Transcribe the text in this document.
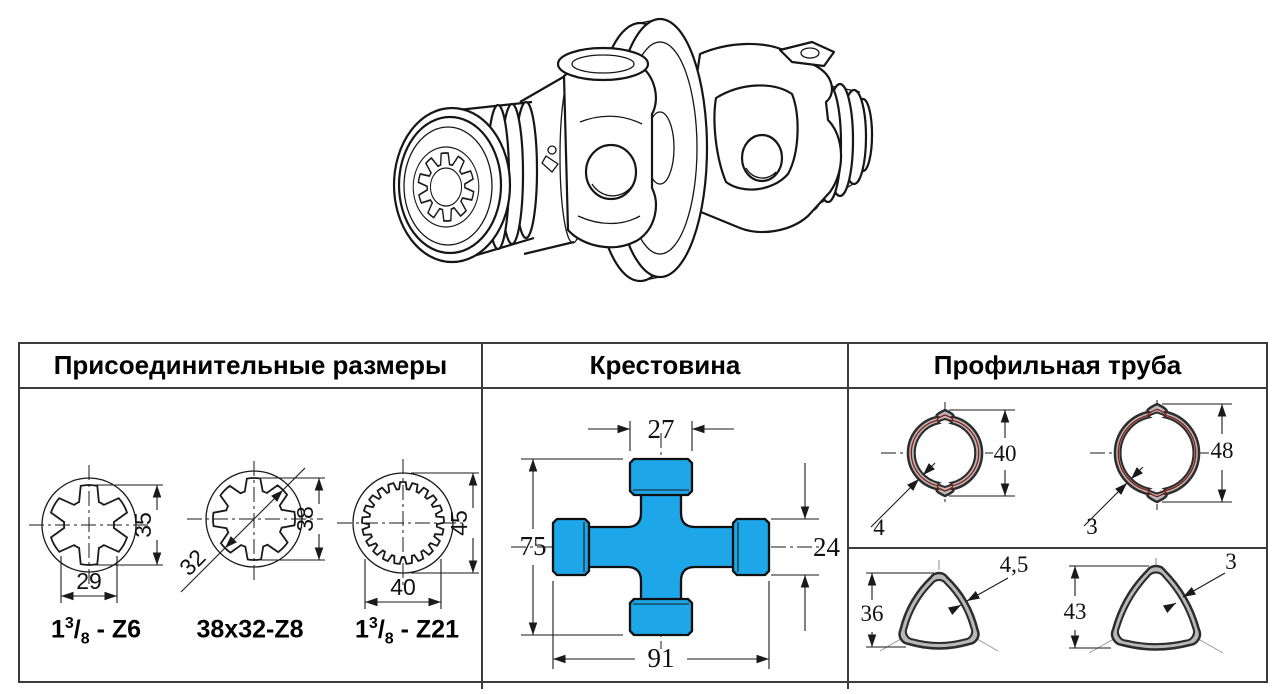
Присоединительные размеры	Крестовина	Профильная труба
35
29
$1^3/_8 - Z6$
38
32
38x32-Z8
45
40
$1^3/_8 - Z21$
27
75	24
91
40
4
48
3
36
4,5
43
3
